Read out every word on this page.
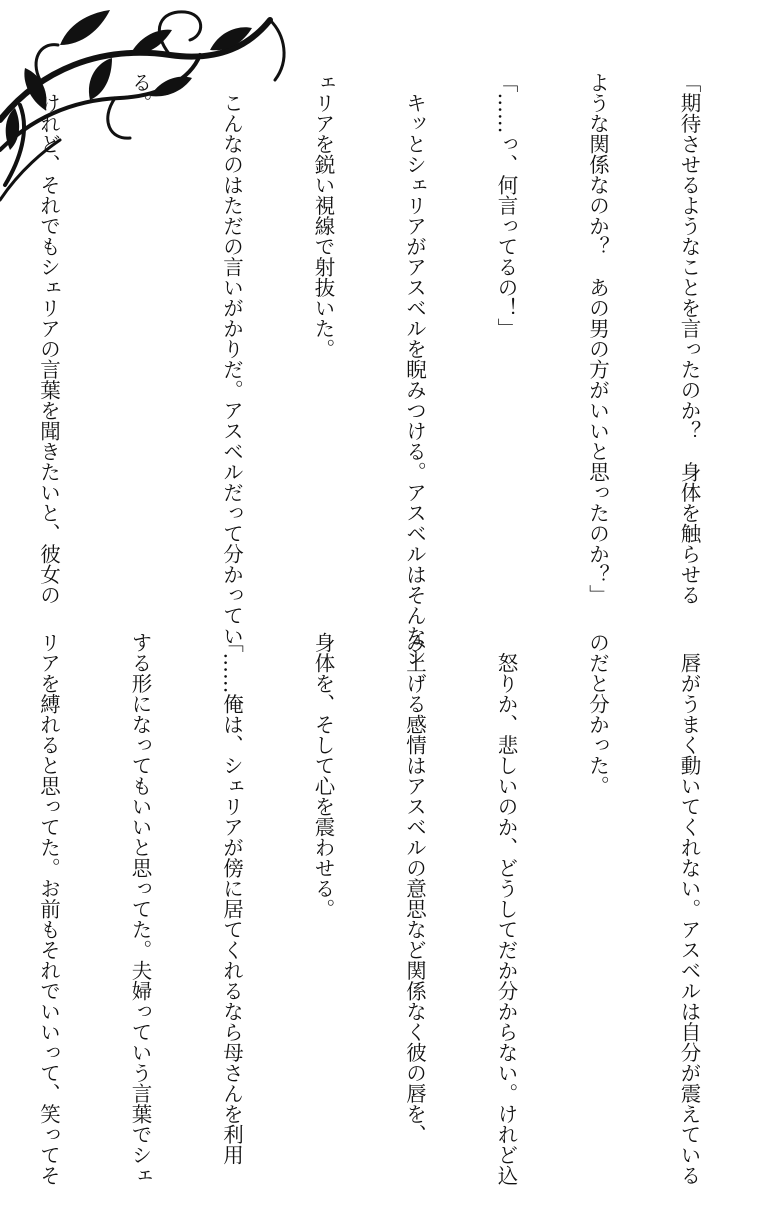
「期待させるようなことを言ったのか？　身体を触らせる

ような関係なのか？　あの男の方がいいと思ったのか？」

「……っ、何言ってるの！」

　キッとシェリアがアスベルを睨みつける。アスベルはそんなシ

ェリアを鋭い視線で射抜いた。

　こんなのはただの言いがかりだ。アスベルだって分かってい

る。

　けれど、それでもシェリアの言葉を聞きたいと、彼女の

　唇がうまく動いてくれない。アスベルは自分が震えている

のだと分かった。

　怒りか、悲しいのか、どうしてだか分からない。けれど込

み上げる感情はアスベルの意思など関係なく彼の唇を、

身体を、そして心を震わせる。

「……俺は、シェリアが傍に居てくれるなら母さんを利用

する形になってもいいと思ってた。夫婦っていう言葉でシェ

リアを縛れると思ってた。お前もそれでいいって、笑ってそ
